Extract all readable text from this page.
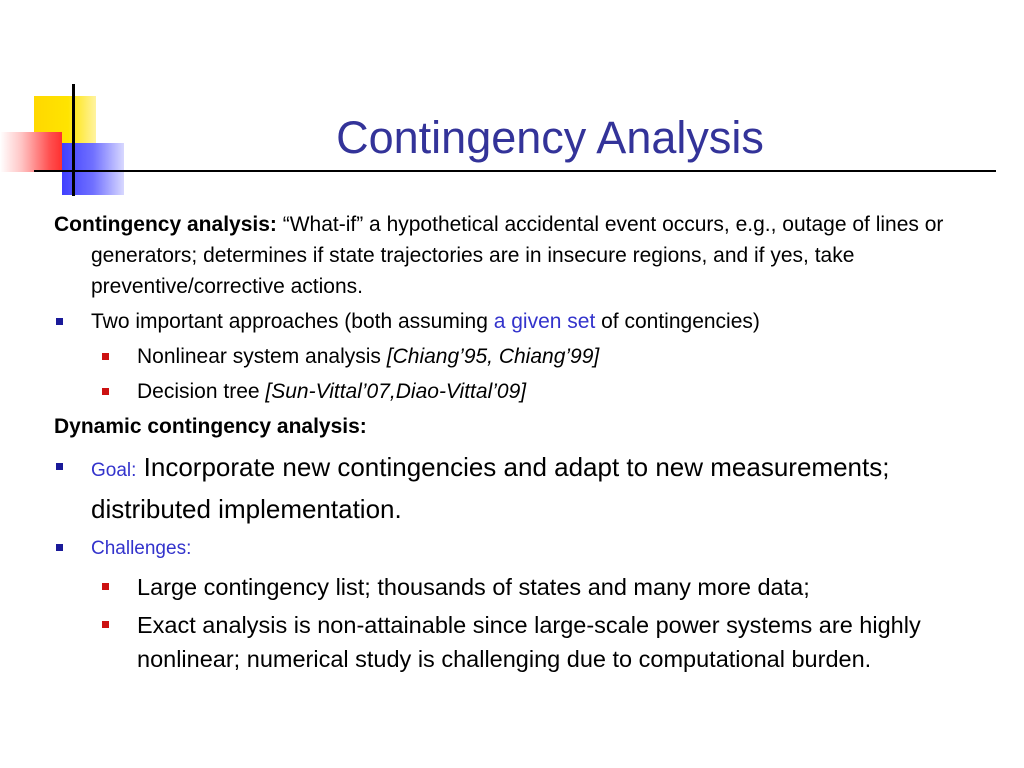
Contingency Analysis
Contingency analysis: “What-if” a hypothetical accidental event occurs, e.g., outage of lines or generators; determines if state trajectories are in insecure regions, and if yes, take preventive/corrective actions.
Two important approaches (both assuming a given set of contingencies)
Nonlinear system analysis [Chiang’95, Chiang’99]
Decision tree [Sun-Vittal’07,Diao-Vittal’09]
Dynamic contingency analysis:
Goal: Incorporate new contingencies and adapt to new measurements; distributed implementation.
Challenges:
Large contingency list; thousands of states and many more data;
Exact analysis is non-attainable since large-scale power systems are highly nonlinear; numerical study is challenging due to computational burden.
